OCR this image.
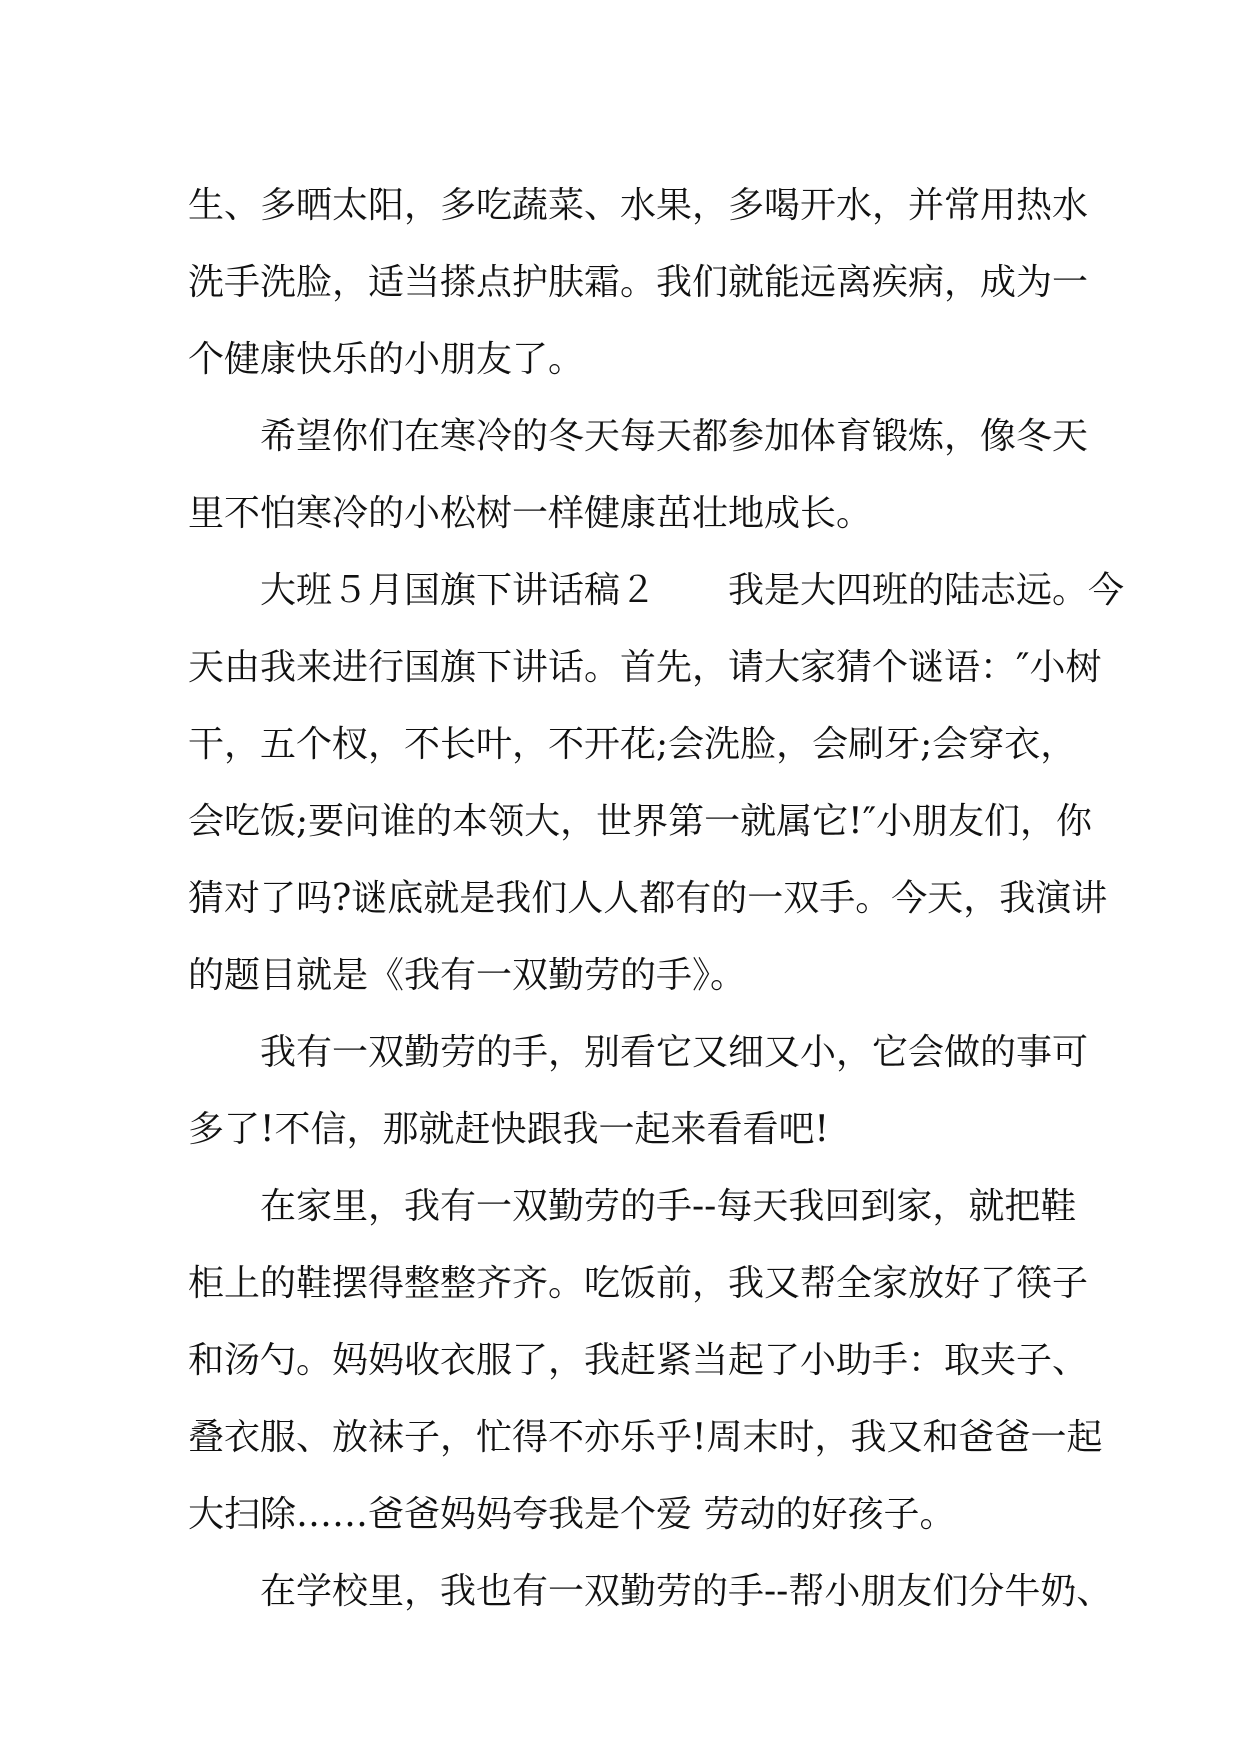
生、多晒太阳，多吃蔬菜、水果，多喝开水，并常用热水
洗手洗脸，适当搽点护肤霜。我们就能远离疾病，成为一
个健康快乐的小朋友了。
希望你们在寒冷的冬天每天都参加体育锻炼，像冬天
里不怕寒冷的小松树一样健康茁壮地成长。
大班５月国旗下讲话稿２　　我是大四班的陆志远。今
天由我来进行国旗下讲话。首先，请大家猜个谜语：″小树
干，五个杈，不长叶，不开花;会洗脸，会刷牙;会穿衣，
会吃饭;要问谁的本领大，世界第一就属它!″小朋友们，你
猜对了吗?谜底就是我们人人都有的一双手。今天，我演讲
的题目就是《我有一双勤劳的手》。
我有一双勤劳的手，别看它又细又小，它会做的事可
多了!不信，那就赶快跟我一起来看看吧!
在家里，我有一双勤劳的手--每天我回到家，就把鞋
柜上的鞋摆得整整齐齐。吃饭前，我又帮全家放好了筷子
和汤勺。妈妈收衣服了，我赶紧当起了小助手：取夹子、
叠衣服、放袜子，忙得不亦乐乎!周末时，我又和爸爸一起
大扫除……爸爸妈妈夸我是个爱 劳动的好孩子。
在学校里，我也有一双勤劳的手--帮小朋友们分牛奶、
